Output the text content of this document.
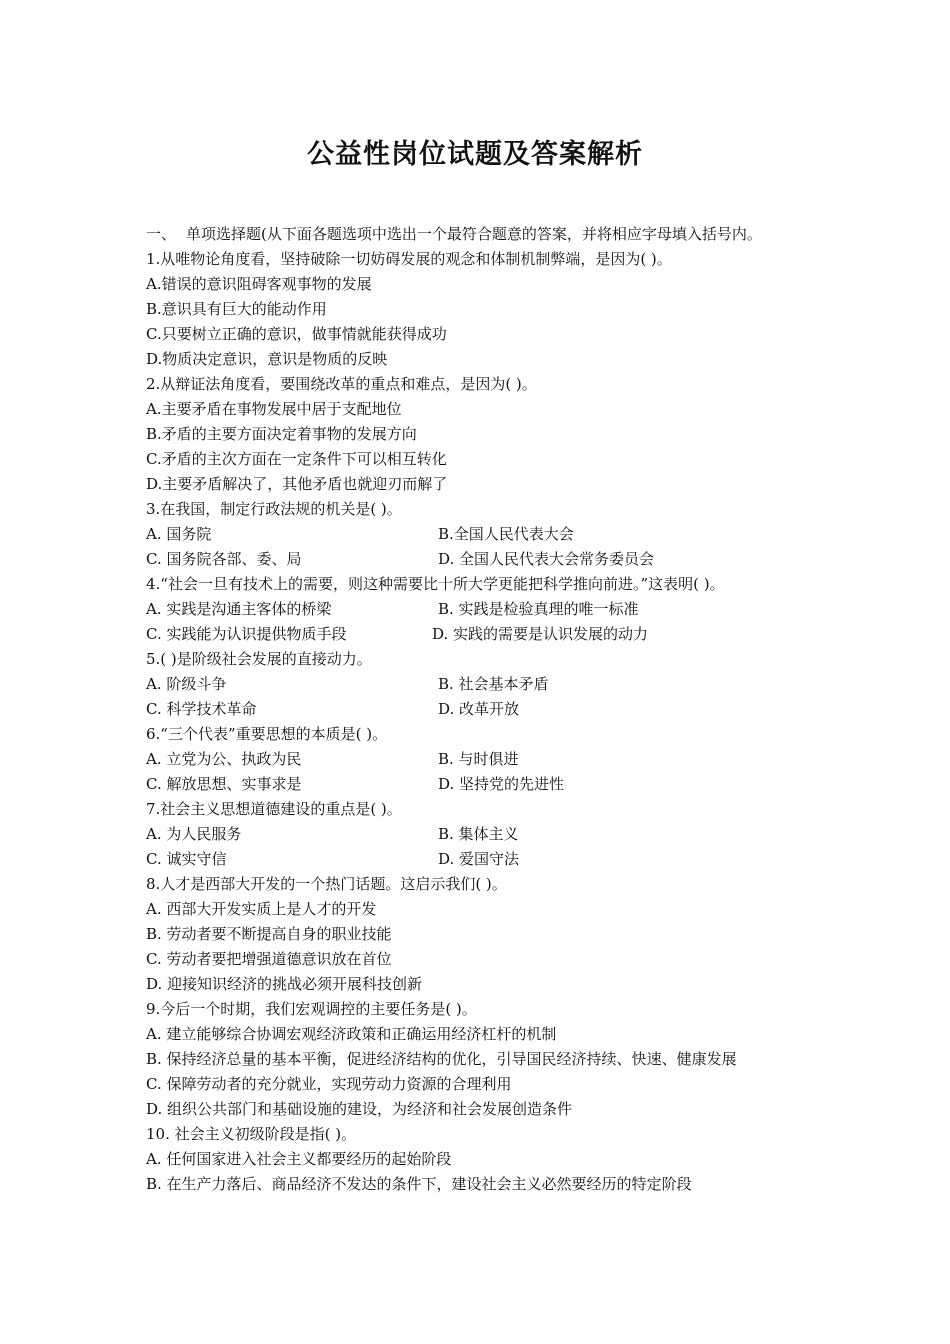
公益性岗位试题及答案解析
一、 单项选择题(从下面各题选项中选出一个最符合题意的答案，并将相应字母填入括号内。
1.从唯物论角度看，坚持破除一切妨碍发展的观念和体制机制弊端，是因为( )。
A.错误的意识阻碍客观事物的发展
B.意识具有巨大的能动作用
C.只要树立正确的意识，做事情就能获得成功
D.物质决定意识，意识是物质的反映
2.从辩证法角度看，要围绕改革的重点和难点，是因为( )。
A.主要矛盾在事物发展中居于支配地位
B.矛盾的主要方面决定着事物的发展方向
C.矛盾的主次方面在一定条件下可以相互转化
D.主要矛盾解决了，其他矛盾也就迎刃而解了
3.在我国，制定行政法规的机关是( )。
A. 国务院	B.全国人民代表大会
C. 国务院各部、委、局	D. 全国人民代表大会常务委员会
4.“社会一旦有技术上的需要，则这种需要比十所大学更能把科学推向前进。”这表明( )。
A. 实践是沟通主客体的桥梁	B. 实践是检验真理的唯一标准
C. 实践能为认识提供物质手段	D. 实践的需要是认识发展的动力
5.( )是阶级社会发展的直接动力。
A. 阶级斗争	B. 社会基本矛盾
C. 科学技术革命	D. 改革开放
6.“三个代表”重要思想的本质是( )。
A. 立党为公、执政为民	B. 与时俱进
C. 解放思想、实事求是	D. 坚持党的先进性
7.社会主义思想道德建设的重点是( )。
A. 为人民服务	B. 集体主义
C. 诚实守信	D. 爱国守法
8.人才是西部大开发的一个热门话题。这启示我们( )。
A. 西部大开发实质上是人才的开发
B. 劳动者要不断提高自身的职业技能
C. 劳动者要把增强道德意识放在首位
D. 迎接知识经济的挑战必须开展科技创新
9.今后一个时期，我们宏观调控的主要任务是( )。
A. 建立能够综合协调宏观经济政策和正确运用经济杠杆的机制
B. 保持经济总量的基本平衡，促进经济结构的优化，引导国民经济持续、快速、健康发展
C. 保障劳动者的充分就业，实现劳动力资源的合理利用
D. 组织公共部门和基础设施的建设，为经济和社会发展创造条件
10. 社会主义初级阶段是指( )。
A. 任何国家进入社会主义都要经历的起始阶段
B. 在生产力落后、商品经济不发达的条件下，建设社会主义必然要经历的特定阶段
